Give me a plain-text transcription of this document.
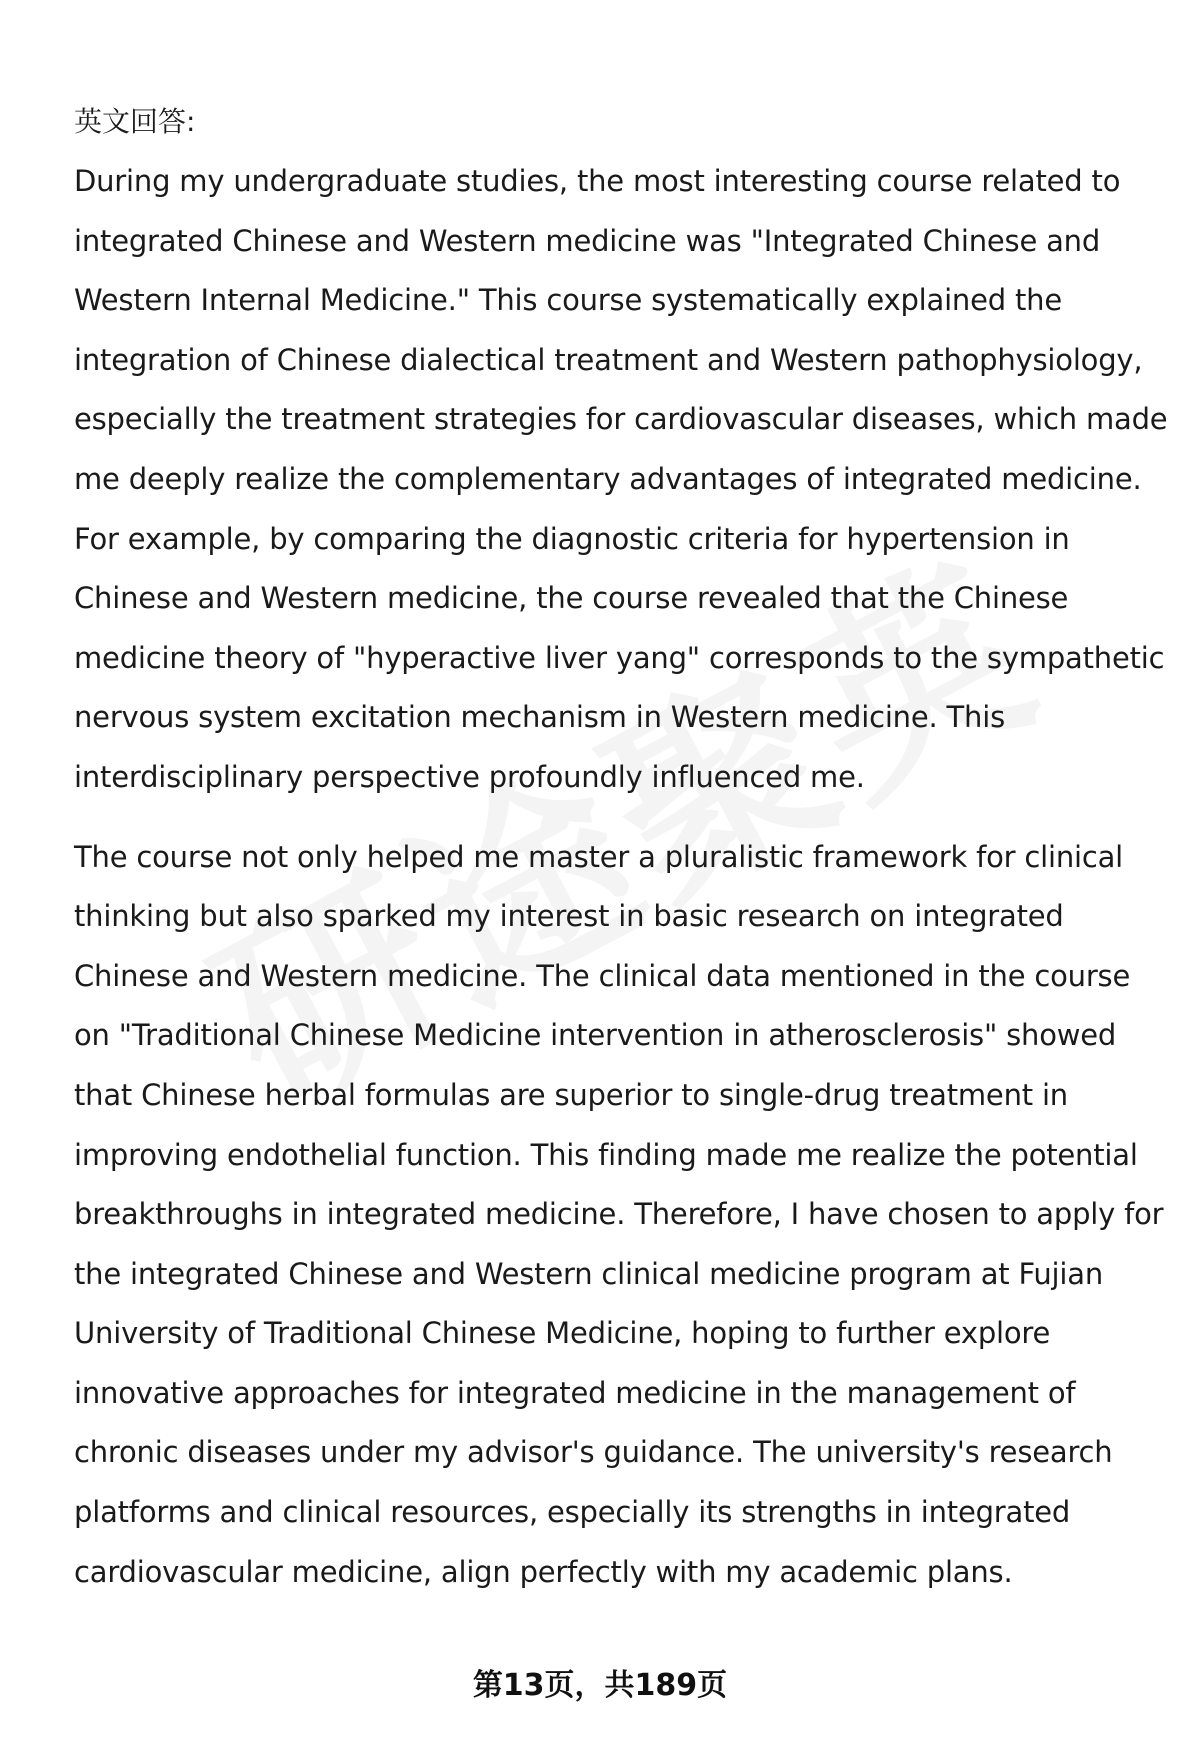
英文回答:

During my undergraduate studies, the most interesting course related to
integrated Chinese and Western medicine was "Integrated Chinese and
Western Internal Medicine." This course systematically explained the
integration of Chinese dialectical treatment and Western pathophysiology,
especially the treatment strategies for cardiovascular diseases, which made
me deeply realize the complementary advantages of integrated medicine.
For example, by comparing the diagnostic criteria for hypertension in
Chinese and Western medicine, the course revealed that the Chinese
medicine theory of "hyperactive liver yang" corresponds to the sympathetic
nervous system excitation mechanism in Western medicine. This
interdisciplinary perspective profoundly influenced me.

The course not only helped me master a pluralistic framework for clinical
thinking but also sparked my interest in basic research on integrated
Chinese and Western medicine. The clinical data mentioned in the course
on "Traditional Chinese Medicine intervention in atherosclerosis" showed
that Chinese herbal formulas are superior to single-drug treatment in
improving endothelial function. This finding made me realize the potential
breakthroughs in integrated medicine. Therefore, I have chosen to apply for
the integrated Chinese and Western clinical medicine program at Fujian
University of Traditional Chinese Medicine, hoping to further explore
innovative approaches for integrated medicine in the management of
chronic diseases under my advisor's guidance. The university's research
platforms and clinical resources, especially its strengths in integrated
cardiovascular medicine, align perfectly with my academic plans.

第13页，共189页
